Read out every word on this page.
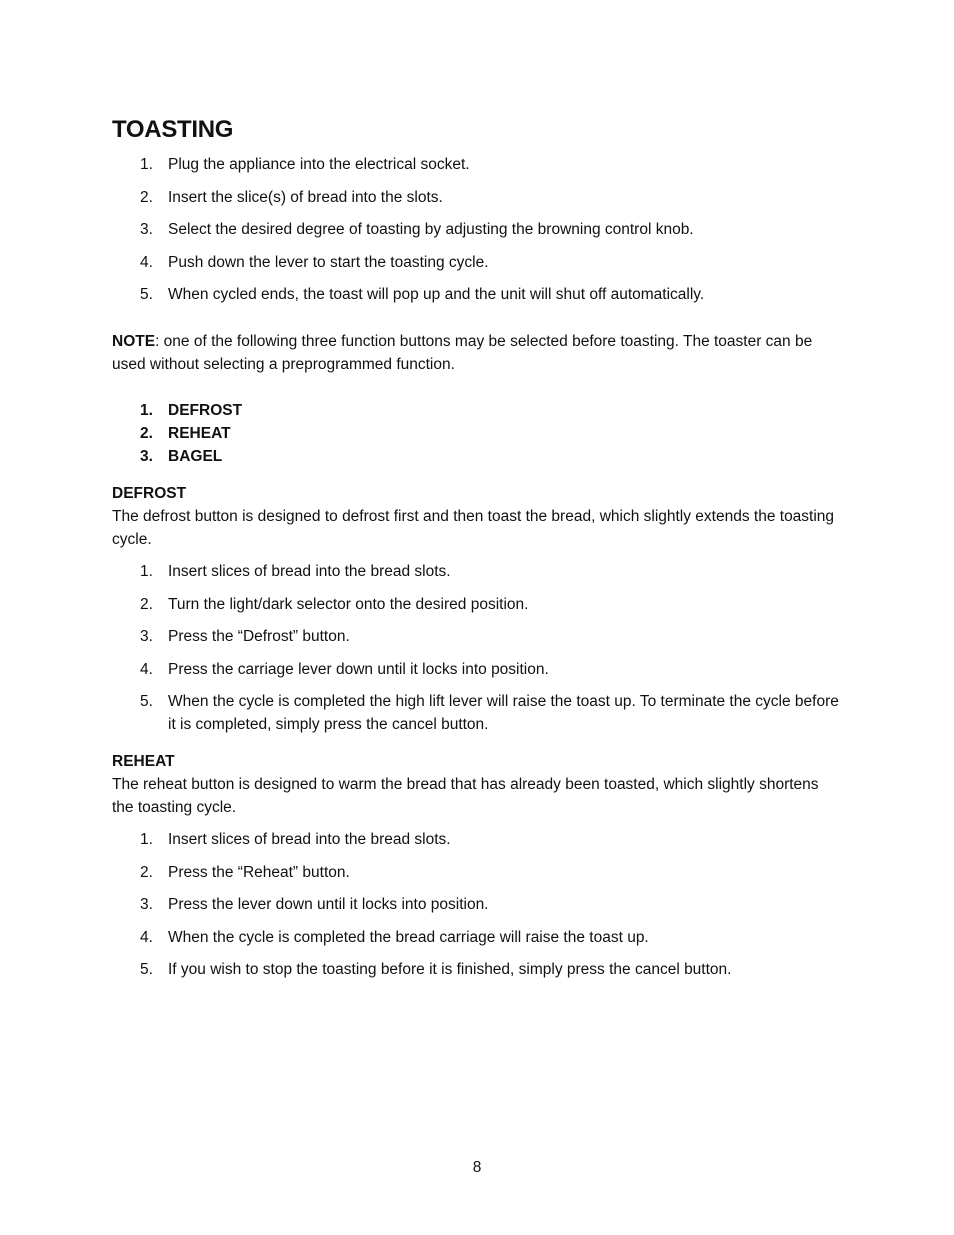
TOASTING
1. Plug the appliance into the electrical socket.
2. Insert the slice(s) of bread into the slots.
3. Select the desired degree of toasting by adjusting the browning control knob.
4. Push down the lever to start the toasting cycle.
5. When cycled ends, the toast will pop up and the unit will shut off automatically.

NOTE: one of the following three function buttons may be selected before toasting. The toaster can be used without selecting a preprogrammed function.

1. DEFROST
2. REHEAT
3. BAGEL
DEFROST

The defrost button is designed to defrost first and then toast the bread, which slightly extends the toasting cycle.

1. Insert slices of bread into the bread slots.
2. Turn the light/dark selector onto the desired position.
3. Press the “Defrost” button.
4. Press the carriage lever down until it locks into position.
5. When the cycle is completed the high lift lever will raise the toast up. To terminate the cycle before it is completed, simply press the cancel button.
REHEAT

The reheat button is designed to warm the bread that has already been toasted, which slightly shortens the toasting cycle.

1. Insert slices of bread into the bread slots.
2. Press the “Reheat” button.
3. Press the lever down until it locks into position.
4. When the cycle is completed the bread carriage will raise the toast up.
5. If you wish to stop the toasting before it is finished, simply press the cancel button.
8
